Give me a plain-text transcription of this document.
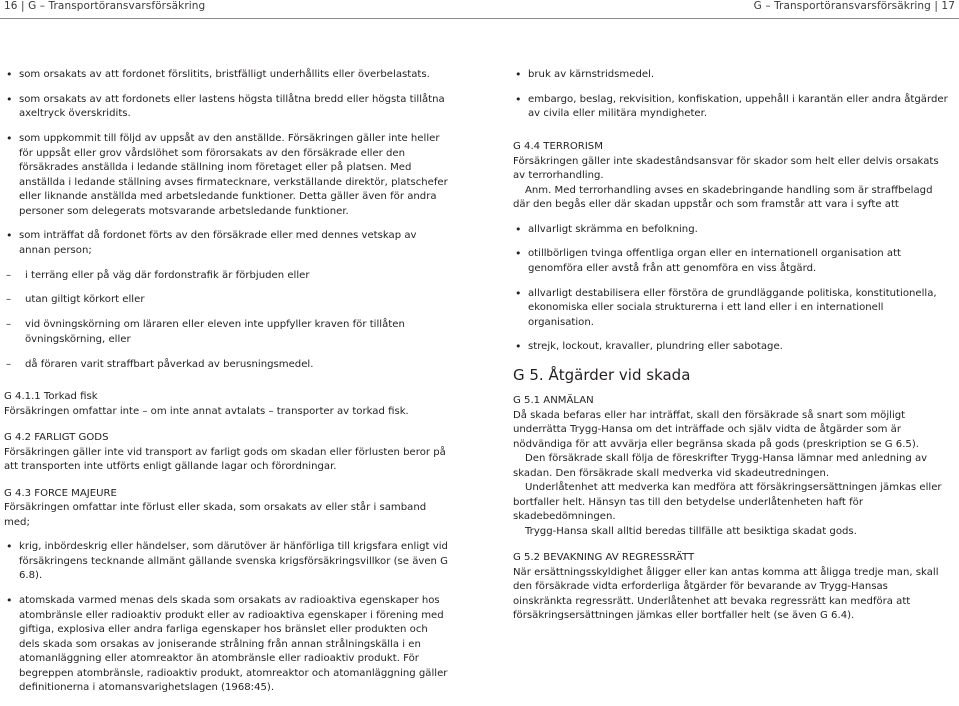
16 | G – Transportöransvarsförsäkring	G – Transportöransvarsförsäkring | 17
• som orsakats av att fordonet förslitits, bristfälligt underhållits eller överbelastats.
• som orsakats av att fordonets eller lastens högsta tillåtna bredd eller högsta tillåtna axeltryck överskridits.
• som uppkommit till följd av uppsåt av den anställde. Försäkringen gäller inte heller för uppsåt eller grov vårdslöhet som förorsakats av den försäkrade eller den försäkrades anställda i ledande ställning inom företaget eller på platsen. Med anställda i ledande ställning avses firmatecknare, verkställande direktör, platschefer eller liknande anställda med arbetsledande funktioner. Detta gäller även för andra personer som delegerats motsvarande arbetsledande funktioner.
• som inträffat då fordonet förts av den försäkrade eller med dennes vetskap av annan person;
– i terräng eller på väg där fordonstrafik är förbjuden eller
– utan giltigt körkort eller
– vid övningskörning om läraren eller eleven inte uppfyller kraven för tillåten övningskörning, eller
– då föraren varit straffbart påverkad av berusningsmedel.

G 4.1.1 Torkad fisk

Försäkringen omfattar inte – om inte annat avtalats – transporter av torkad fisk.

G 4.2 FARLIGT GODS

Försäkringen gäller inte vid transport av farligt gods om skadan eller förlusten beror på att transporten inte utförts enligt gällande lagar och förordningar.

G 4.3 FORCE MAJEURE

Försäkringen omfattar inte förlust eller skada, som orsakats av eller står i samband med;

• krig, inbördeskrig eller händelser, som därutöver är hänförliga till krigsfara enligt vid försäkringens tecknande allmänt gällande svenska krigsförsäkringsvillkor (se även G 6.8).
• atomskada varmed menas dels skada som orsakats av radioaktiva egenskaper hos atombränsle eller radioaktiv produkt eller av radioaktiva egenskaper i förening med giftiga, explosiva eller andra farliga egenskaper hos bränslet eller produkten och dels skada som orsakas av joniserande strålning från annan strålningskälla i en atomanläggning eller atomreaktor än atombränsle eller radioaktiv produkt. För begreppen atombränsle, radioaktiv produkt, atomreaktor och atomanläggning gäller definitionerna i atomansvarighetslagen (1968:45).
• bruk av kärnstridsmedel.
• embargo, beslag, rekvisition, konfiskation, uppehåll i karantän eller andra åtgärder av civila eller militära myndigheter.

G 4.4 TERRORISM

Försäkringen gäller inte skadestândsansvar för skador som helt eller delvis orsakats av terrorhandling.

Anm. Med terrorhandling avses en skadebringande handling som är straffbelagd där den begås eller där skadan uppstår och som framstår att vara i syfte att

• allvarligt skrämma en befolkning.
• otillbörligen tvinga offentliga organ eller en internationell organisation att genomföra eller avstå från att genomföra en viss åtgärd.
• allvarligt destabilisera eller förstöra de grundläggande politiska, konstitutionella, ekonomiska eller sociala strukturerna i ett land eller i en internationell organisation.
• strejk, lockout, kravaller, plundring eller sabotage.

G 5. Åtgärder vid skada

G 5.1 ANMÄLAN

Då skada befaras eller har inträffat, skall den försäkrade så snart som möjligt underrätta Trygg-Hansa om det inträffade och själv vidta de åtgärder som är nödvändiga för att avvärja eller begränsa skada på gods (preskription se G 6.5).

Den försäkrade skall följa de föreskrifter Trygg-Hansa lämnar med anledning av skadan. Den försäkrade skall medverka vid skadeutredningen.

Underlåtenhet att medverka kan medföra att försäkringsersättningen jämkas eller bortfaller helt. Hänsyn tas till den betydelse underlåtenheten haft för skadebedömningen.

Trygg-Hansa skall alltid beredas tillfälle att besiktiga skadat gods.

G 5.2 BEVAKNING AV REGRESSRÄTT

När ersättningsskyldighet åligger eller kan antas komma att åligga tredje man, skall den försäkrade vidta erforderliga åtgärder för bevarande av Trygg-Hansas oinskränkta regressrätt. Underlåtenhet att bevaka regressrätt kan medföra att försäkringsersättningen jämkas eller bortfaller helt (se även G 6.4).
